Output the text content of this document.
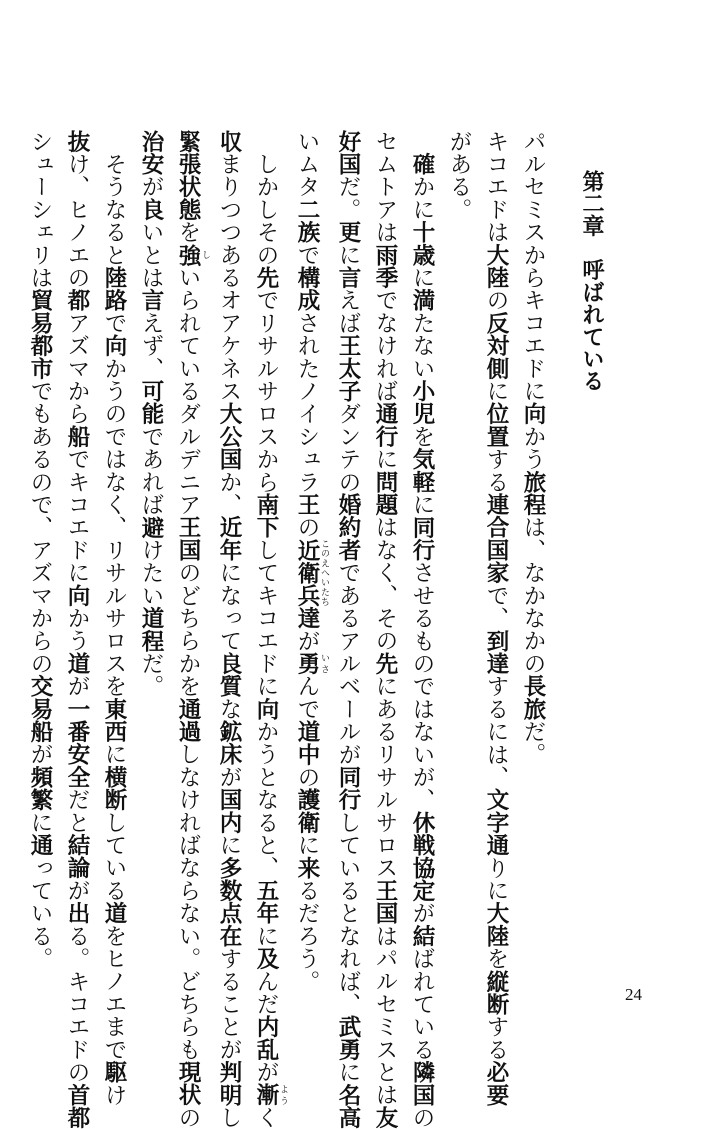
第二章　呼ばれている
パルセミスからキコエドに向かう旅程は、なかなかの長旅だ。
キコエドは大陸の反対側に位置する連合国家で、到達するには、文字通りに大陸を縦断する必要
がある。
　確かに十歳に満たない小児を気軽に同行させるものではないが、休戦協定が結ばれている隣国の
セムトアは雨季でなければ通行に問題はなく、その先にあるリサルサロス王国はパルセミスとは友
好国だ。更に言えば王太子ダンテの婚約者であるアルベールが同行しているとなれば、武勇に名高
いムタ二族で構成されたノイシュラ王の近衛兵 このえへいたち達が勇 いさんで道中の護衛に来るだろう。
　しかしその先でリサルサロスから南下してキコエドに向かうとなると、五年に及んだ内乱が漸 ようく
収まりつつあるオアケネス大公国か、近年になって良質な鉱床が国内に多数点在することが判明し
緊張状態を強 しいられているダルデニア王国のどちらかを通過しなければならない。どちらも現状の
治安が良いとは言えず、可能であれば避けたい道程だ。
　そうなると陸路で向かうのではなく、リサルサロスを東西に横断している道をヒノエまで駆け
抜け、ヒノエの都アズマから船でキコエドに向かう道が一番安全だと結論が出る。キコエドの首都
シューシェリは貿易都市でもあるので、アズマからの交易船が頻繁に通っている。
24
